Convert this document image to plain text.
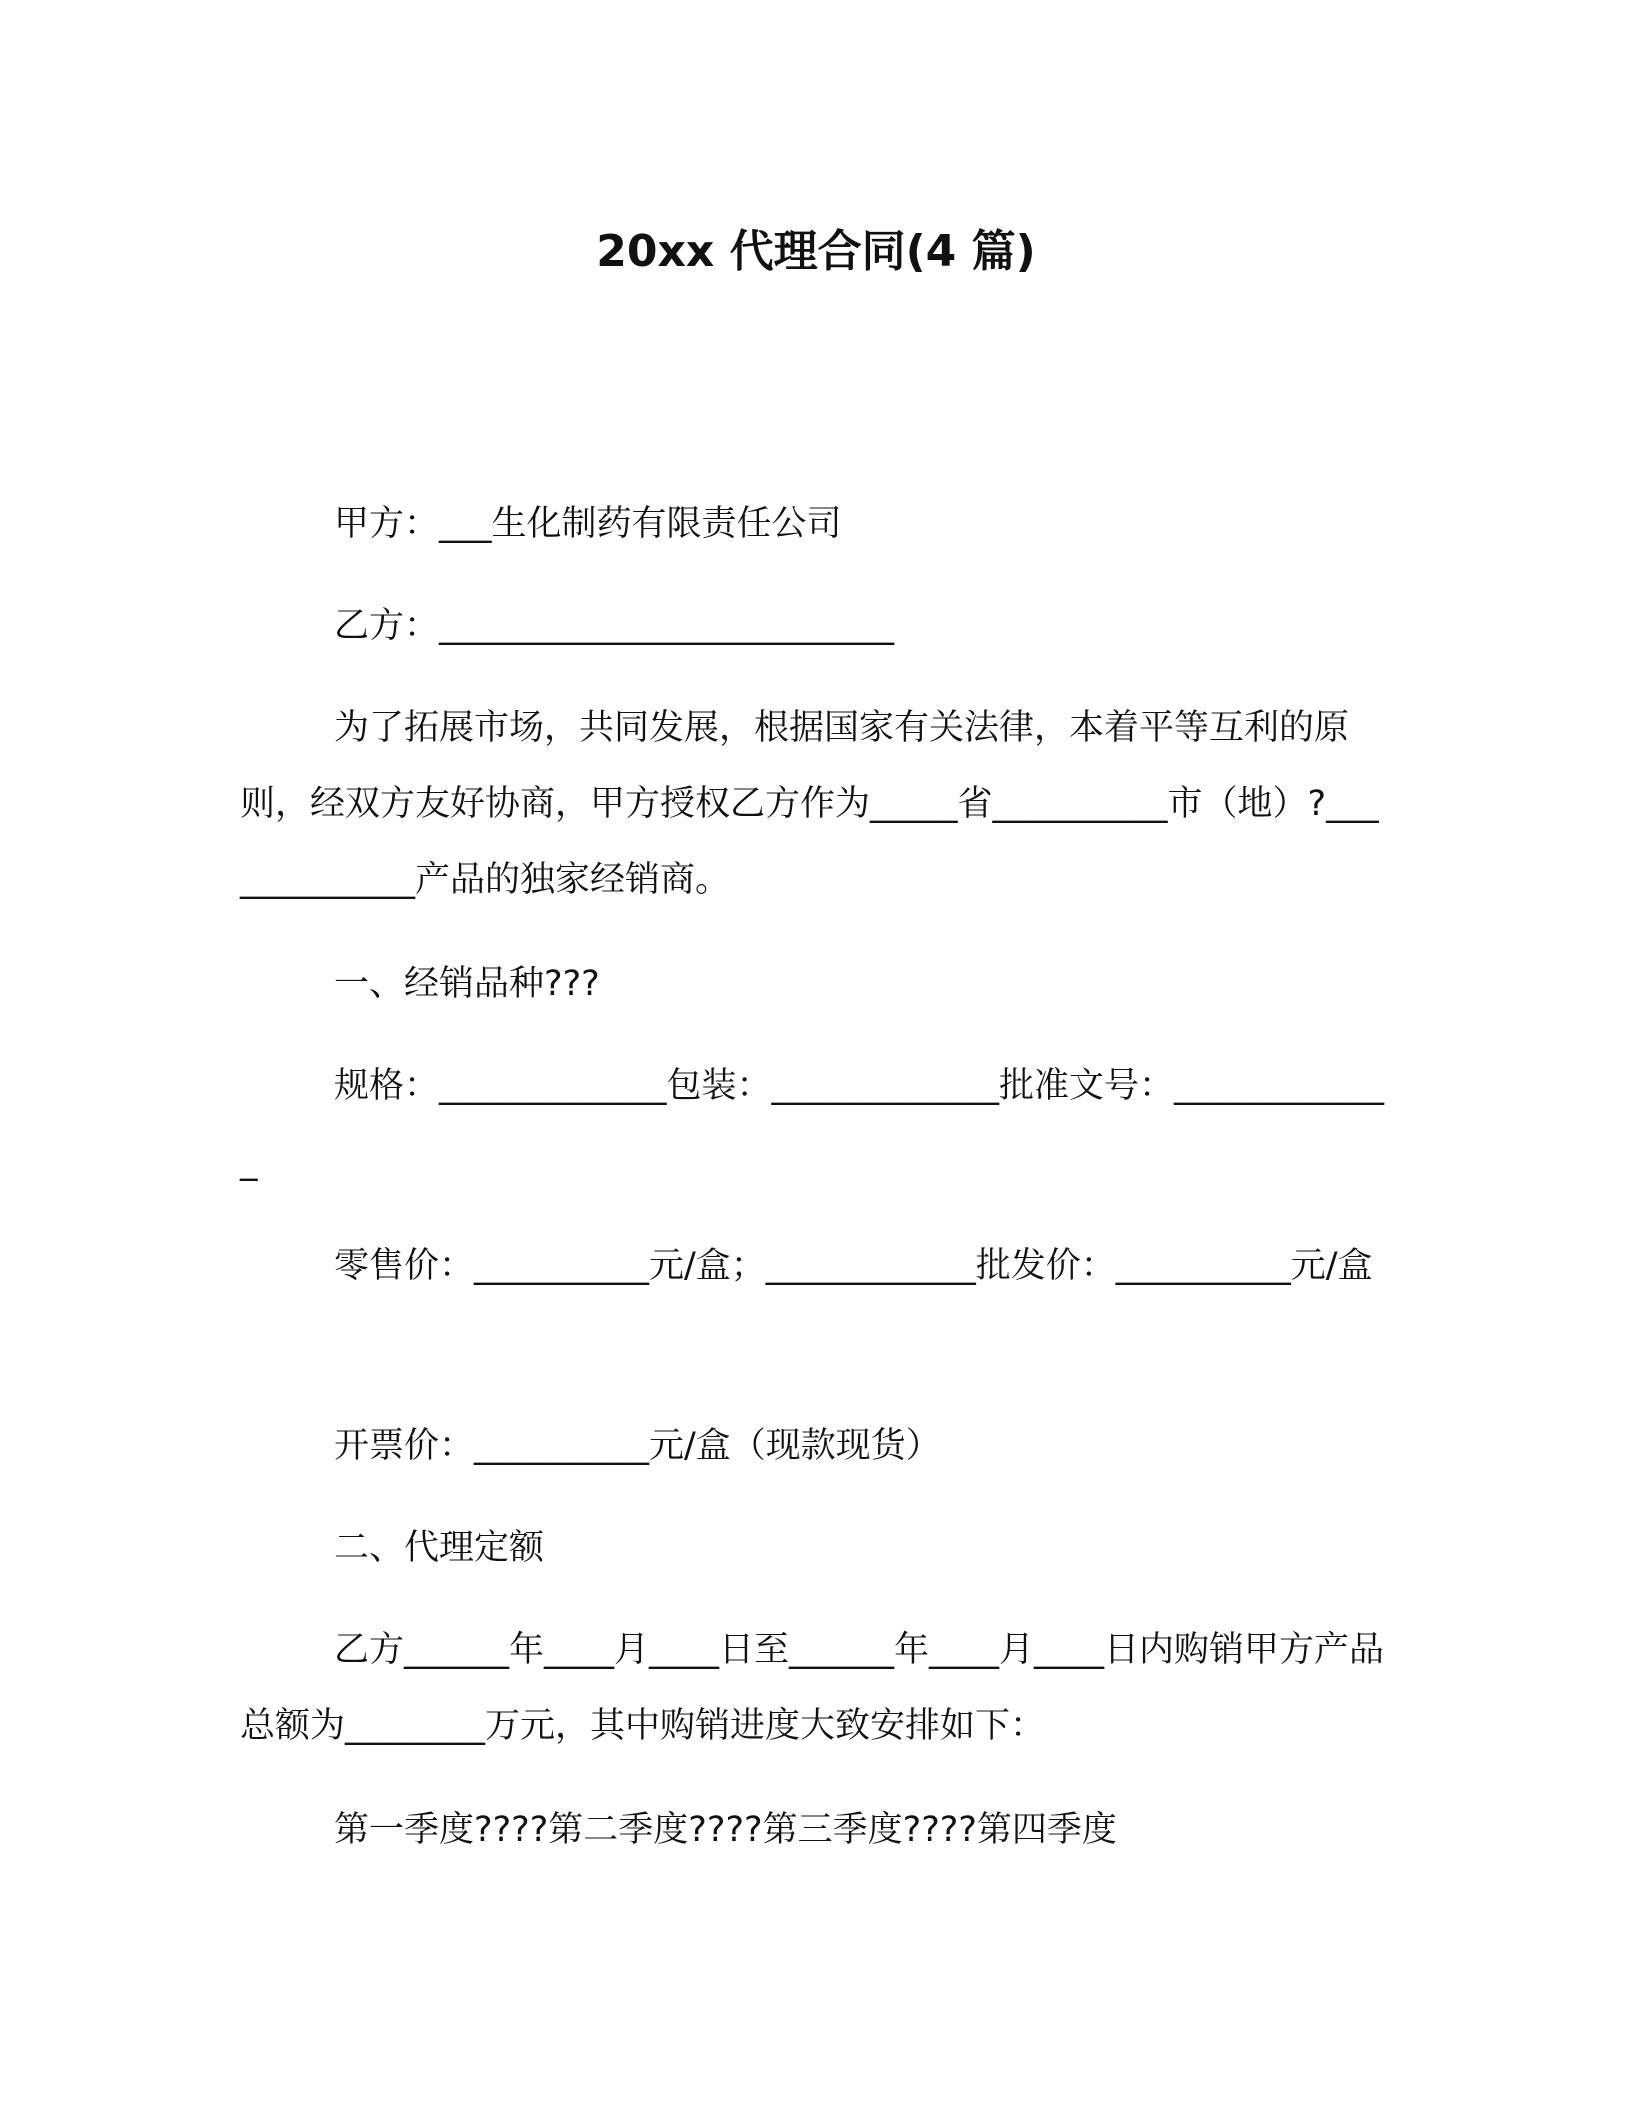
20xx 代理合同(4 篇)
甲方：___生化制药有限责任公司
乙方：__________________________
为了拓展市场，共同发展，根据国家有关法律，本着平等互利的原则，经双方友好协商，甲方授权乙方作为_____省__________市（地）?_____________产品的独家经销商。
一、经销品种???
规格：_____________包装：_____________批准文号：_____________
零售价：__________元/盒；____________批发价：__________元/盒
开票价：__________元/盒（现款现货）
二、代理定额
乙方______年____月____日至______年____月____日内购销甲方产品总额为________万元，其中购销进度大致安排如下：
第一季度????第二季度????第三季度????第四季度
